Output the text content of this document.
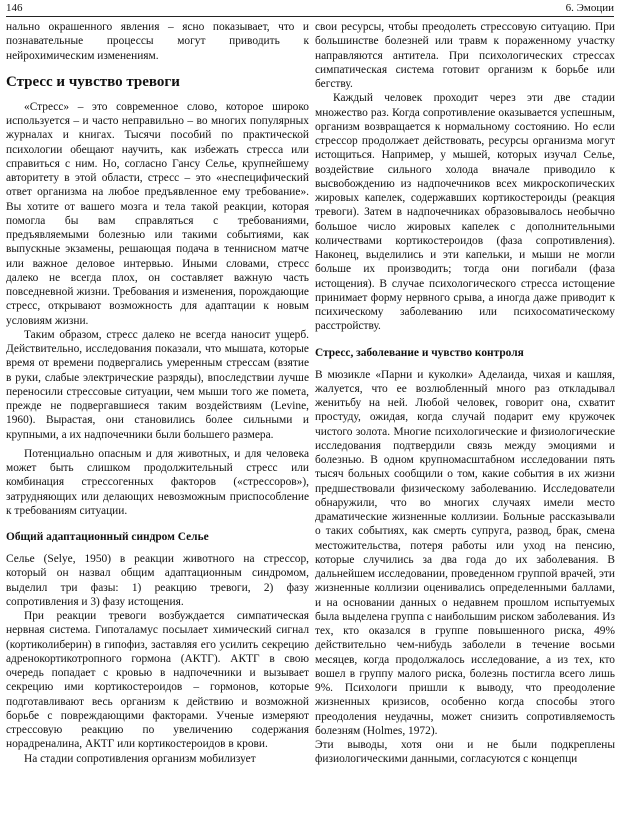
146	6. Эмоции

нально окрашенного явления – ясно показывает, что и познавательные процессы могут приводить к нейрохимическим изменениям.

Стресс и чувство тревоги

«Стресс» – это современное слово, которое широко используется – и часто неправильно – во многих популярных журналах и книгах. Тысячи пособий по практической психологии обещают научить, как избежать стресса или справиться с ним. Но, согласно Гансу Селье, крупнейшему авторитету в этой области, стресс – это «неспецифический ответ организма на любое предъявленное ему требование». Вы хотите от вашего мозга и тела такой реакции, которая помогла бы вам справляться с требованиями, предъявляемыми болезнью или такими событиями, как выпускные экзамены, решающая подача в теннисном матче или важное деловое интервью. Иными словами, стресс далеко не всегда плох, он составляет важную часть повседневной жизни. Требования и изменения, порождающие стресс, открывают возможность для адаптации к новым условиям жизни.

Таким образом, стресс далеко не всегда наносит ущерб. Действительно, исследования показали, что мышата, которые время от времени подвергались умеренным стрессам (взятие в руки, слабые электрические разряды), впоследствии лучше переносили стрессовые ситуации, чем мыши того же помета, прежде не подвергавшиеся таким воздействиям (Levine, 1960). Вырастая, они становились более сильными и крупными, а их надпочечники были большего размера.

Потенциально опасным и для животных, и для человека может быть слишком продолжительный стресс или комбинация стрессогенных факторов («стрессоров»), затрудняющих или делающих невозможным приспособление к требованиям ситуации.

Общий адаптационный синдром Селье

Селье (Selye, 1950) в реакции животного на стрессор, который он назвал общим адаптационным синдромом, выделил три фазы: 1) реакцию тревоги, 2) фазу сопротивления и 3) фазу истощения.

При реакции тревоги возбуждается симпатическая нервная система. Гипоталамус посылает химический сигнал (кортиколиберин) в гипофиз, заставляя его усилить секрецию адренокортикотропного гормона (АКТГ). АКТГ в свою очередь попадает с кровью в надпочечники и вызывает секрецию ими кортикостероидов – гормонов, которые подготавливают весь организм к действию и возможной борьбе с повреждающими факторами. Ученые измеряют стрессовую реакцию по увеличению содержания норадреналина, АКТГ или кортикостероидов в крови.

На стадии сопротивления организм мобилизует

свои ресурсы, чтобы преодолеть стрессовую ситуацию. При большинстве болезней или травм к пораженному участку направляются антитела. При психологических стрессах симпатическая система готовит организм к борьбе или бегству.

Каждый человек проходит через эти две стадии множество раз. Когда сопротивление оказывается успешным, организм возвращается к нормальному состоянию. Но если стрессор продолжает действовать, ресурсы организма могут истощиться. Например, у мышей, которых изучал Селье, воздействие сильного холода вначале приводило к высвобождению из надпочечников всех микроскопических жировых капелек, содержавших кортикостероиды (реакция тревоги). Затем в надпочечниках образовывалось необычно большое число жировых капелек с дополнительными количествами кортикостероидов (фаза сопротивления). Наконец, выделились и эти капельки, и мыши не могли больше их производить; тогда они погибали (фаза истощения). В случае психологического стресса истощение принимает форму нервного срыва, а иногда даже приводит к психическому заболеванию или психосоматическому расстройству.

Стресс, заболевание и чувство контроля

В мюзикле «Парни и куколки» Аделаида, чихая и кашляя, жалуется, что ее возлюбленный много раз откладывал женитьбу на ней. Любой человек, говорит она, схватит простуду, ожидая, когда случай подарит ему кружочек чистого золота. Многие психологические и физиологические исследования подтвердили связь между эмоциями и болезнью. В одном крупномасштабном исследовании пять тысяч больных сообщили о том, какие события в их жизни предшествовали физическому заболеванию. Исследователи обнаружили, что во многих случаях имели место драматические жизненные коллизии. Больные рассказывали о таких событиях, как смерть супруга, развод, брак, смена местожительства, потеря работы или уход на пенсию, которые случились за два года до их заболевания. В дальнейшем исследовании, проведенном группой врачей, эти жизненные коллизии оценивались определенными баллами, и на основании данных о недавнем прошлом испытуемых была выделена группа с наибольшим риском заболевания. Из тех, кто оказался в группе повышенного риска, 49% действительно чем-нибудь заболели в течение восьми месяцев, когда продолжалось исследование, а из тех, кто вошел в группу малого риска, болезнь постигла всего лишь 9%. Психологи пришли к выводу, что преодоление жизненных кризисов, особенно когда способы этого преодоления неудачны, может снизить сопротивляемость болезням (Holmes, 1972).

Эти выводы, хотя они и не были подкреплены физиологическими данными, согласуются с концепци
